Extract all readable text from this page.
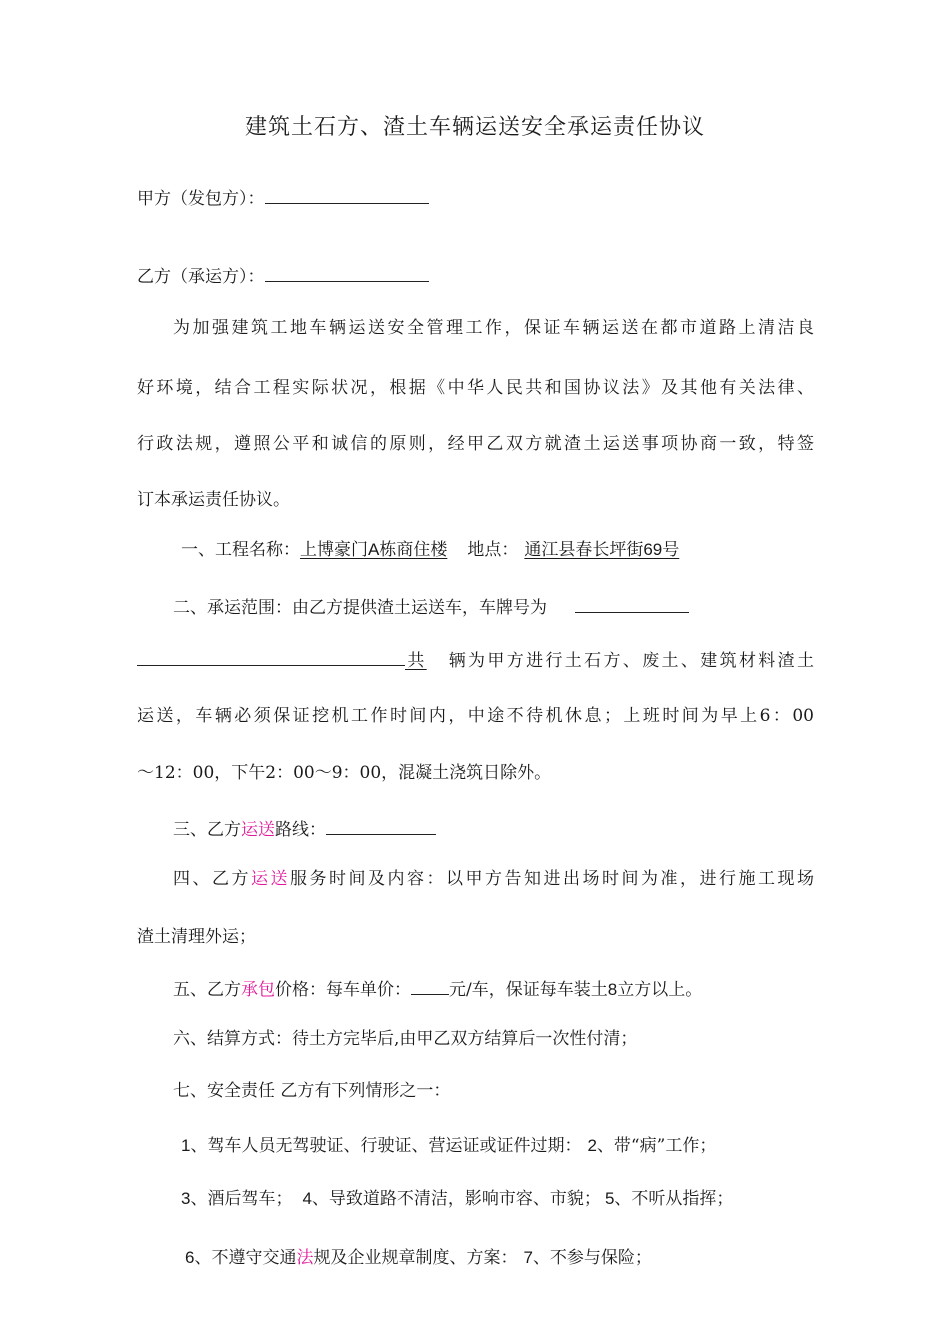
建筑土石方、渣土车辆运送安全承运责任协议
甲方（发包方）：
乙方（承运方）：
为加强建筑工地车辆运送安全管理工作，保证车辆运送在都市道路上清洁良
好环境，结合工程实际状况，根据《中华人民共和国协议法》及其他有关法律、
行政法规，遵照公平和诚信的原则，经甲乙双方就渣土运送事项协商一致，特签
订本承运责任协议。
一、工程名称：上博豪门A栋商住楼 地点： 通江县春长坪街69号
二、承运范围：由乙方提供渣土运送车，车牌号为
共 辆为甲方进行土石方、废土、建筑材料渣土
运送，车辆必须保证挖机工作时间内，中途不待机休息；上班时间为早上6：00
～12：00，下午2：00～9：00，混凝土浇筑日除外。
三、乙方运送路线：
四、乙方运送服务时间及内容：以甲方告知进出场时间为准，进行施工现场
渣土清理外运；
五、乙方承包价格：每车单价： 元/车，保证每车装土8立方以上。
六、结算方式：待土方完毕后,由甲乙双方结算后一次性付清；
七、安全责任 乙方有下列情形之一：
1、驾车人员无驾驶证、行驶证、营运证或证件过期： 2、带“病”工作；
3、酒后驾车； 4、导致道路不清洁，影响市容、市貌； 5、不听从指挥；
6、不遵守交通法规及企业规章制度、方案： 7、不参与保险；
